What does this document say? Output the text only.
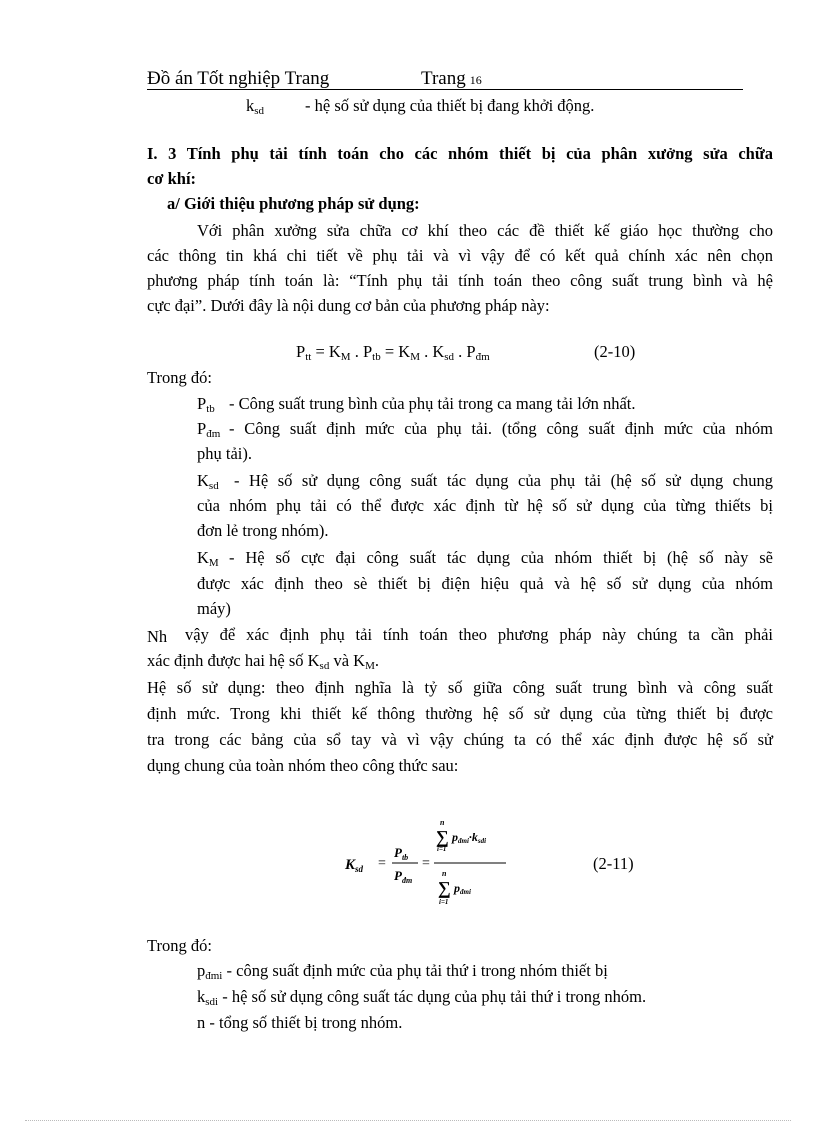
Đồ án Tốt nghiệp Trang	Trang 16
$k_{sd}$ - hệ số sử dụng của thiết bị đang khởi động.
I. 3 Tính phụ tải tính toán cho các nhóm thiết bị của phân xưởng sửa chữa
cơ khí:
a/ Giới thiệu phương pháp sử dụng:
Với phân xưởng sửa chữa cơ khí theo các đề thiết kế giáo học thường cho
các thông tin khá chi tiết về phụ tải và vì vậy để có kết quả chính xác nên chọn
phương pháp tính toán là: “Tính phụ tải tính toán theo công suất trung bình và hệ
cực đại”. Dưới đây là nội dung cơ bản của phương pháp này:
$P_{tt} = K_M$ . $P_{tb} = K_M$ . $K_{sd}$ . $P_{đm}$	(2-10)
Trong đó:
$P_{tb}$ - Công suất trung bình của phụ tải trong ca mang tải lớn nhất.
$P_{đm}$ - Công suất định mức của phụ tải. (tổng công suất định mức của nhóm
phụ tải).
$K_{sd}$ - Hệ số sử dụng công suất tác dụng của phụ tải (hệ số sử dụng chung
của nhóm phụ tải có thể được xác định từ hệ số sử dụng của từng thiếts bị
đơn lẻ trong nhóm).
$K_M$ - Hệ số cực đại công suất tác dụng của nhóm thiết bị (hệ số này sẽ
được xác định theo sè thiết bị điện hiệu quả và hệ số sử dụng của nhóm
máy)
Nh vậy để xác định phụ tải tính toán theo phương pháp này chúng ta cần phải
xác định được hai hệ số $K_{sd}$ và $K_M$.
Hệ số sử dụng: theo định nghĩa là tỷ số giữa công suất trung bình và công suất
định mức. Trong khi thiết kế thông thường hệ số sử dụng của từng thiết bị được
tra trong các bảng của sổ tay và vì vậy chúng ta có thể xác định được hệ số sử
dụng chung của toàn nhóm theo công thức sau:
$K_{sd}$ =
$P_{tb}$
$P_{đm}$
=
n
∑
i=1
pđmi·ksdi
n
∑
i=1
pđmi
(2-11)
Trong đó:
$p_{đmi}$ - công suất định mức của phụ tải thứ i trong nhóm thiết bị
$k_{sdi}$ - hệ số sử dụng công suất tác dụng của phụ tải thứ i trong nhóm.
n - tổng số thiết bị trong nhóm.
